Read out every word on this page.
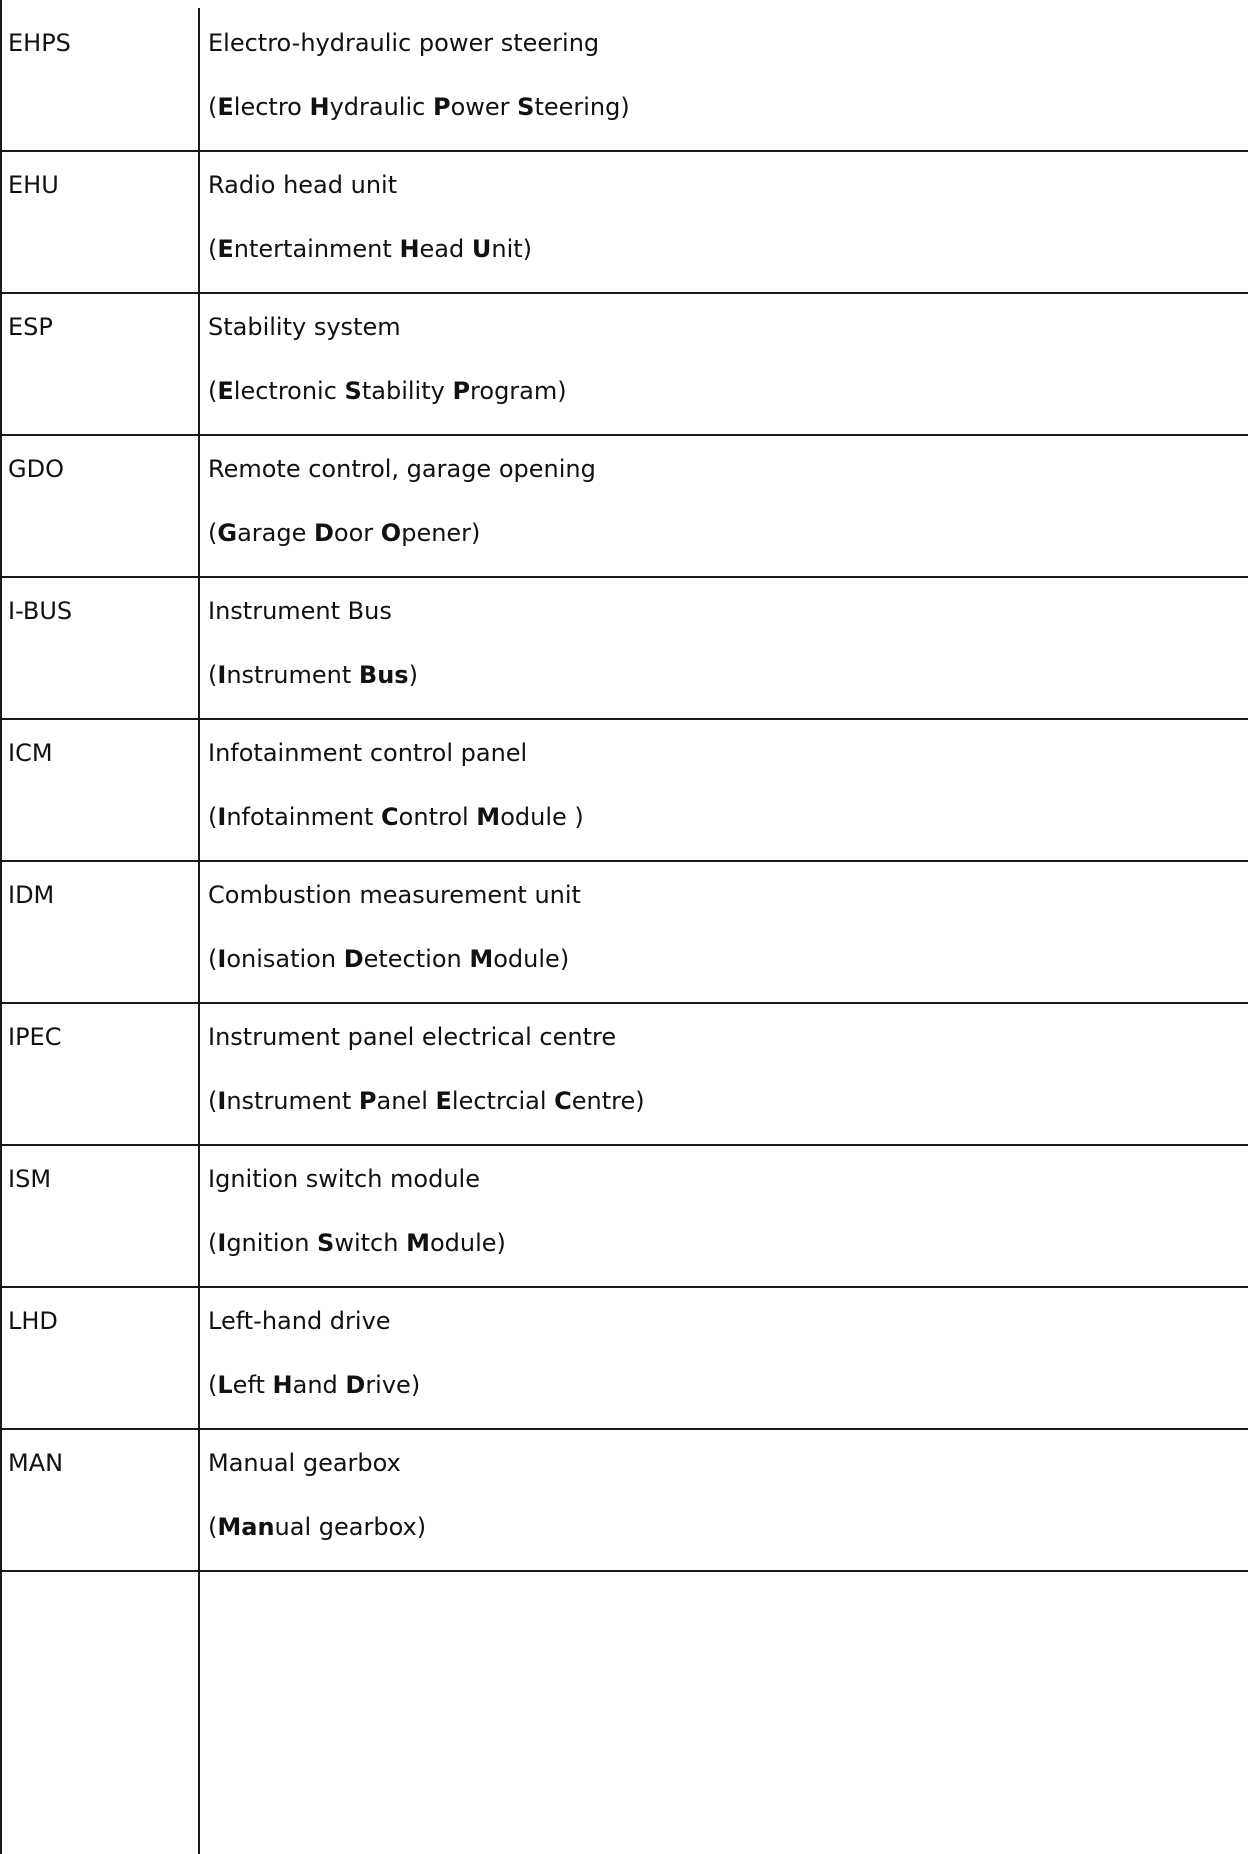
EHPS	Electro-hydraulic power steering
(Electro Hydraulic Power Steering)
EHU	Radio head unit
(Entertainment Head Unit)
ESP	Stability system
(Electronic Stability Program)
GDO	Remote control, garage opening
(Garage Door Opener)
I-BUS	Instrument Bus
(Instrument Bus)
ICM	Infotainment control panel
(Infotainment Control Module )
IDM	Combustion measurement unit
(Ionisation Detection Module)
IPEC	Instrument panel electrical centre
(Instrument Panel Electrcial Centre)
ISM	Ignition switch module
(Ignition Switch Module)
LHD	Left-hand drive
(Left Hand Drive)
MAN	Manual gearbox
(Manual gearbox)
